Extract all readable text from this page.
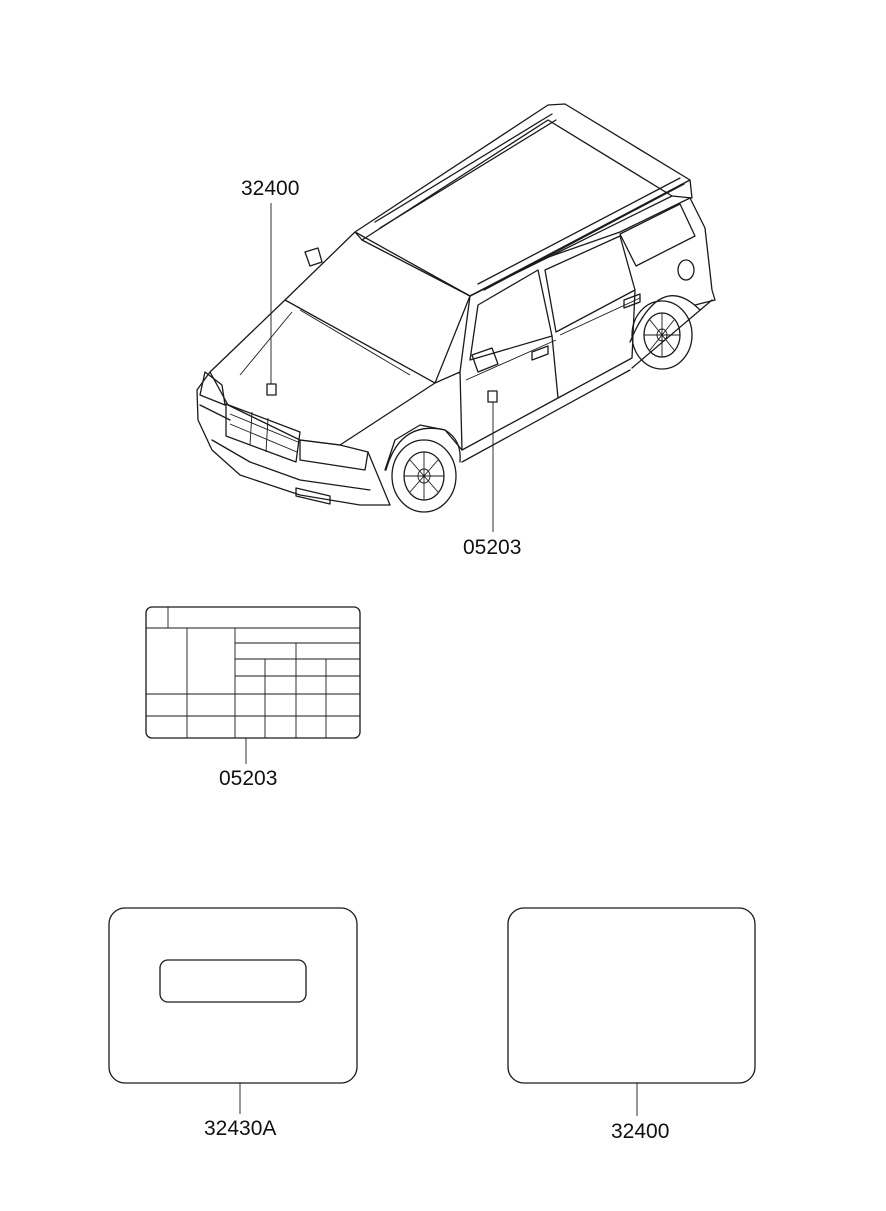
32400
05203
05203
32430A	32400
